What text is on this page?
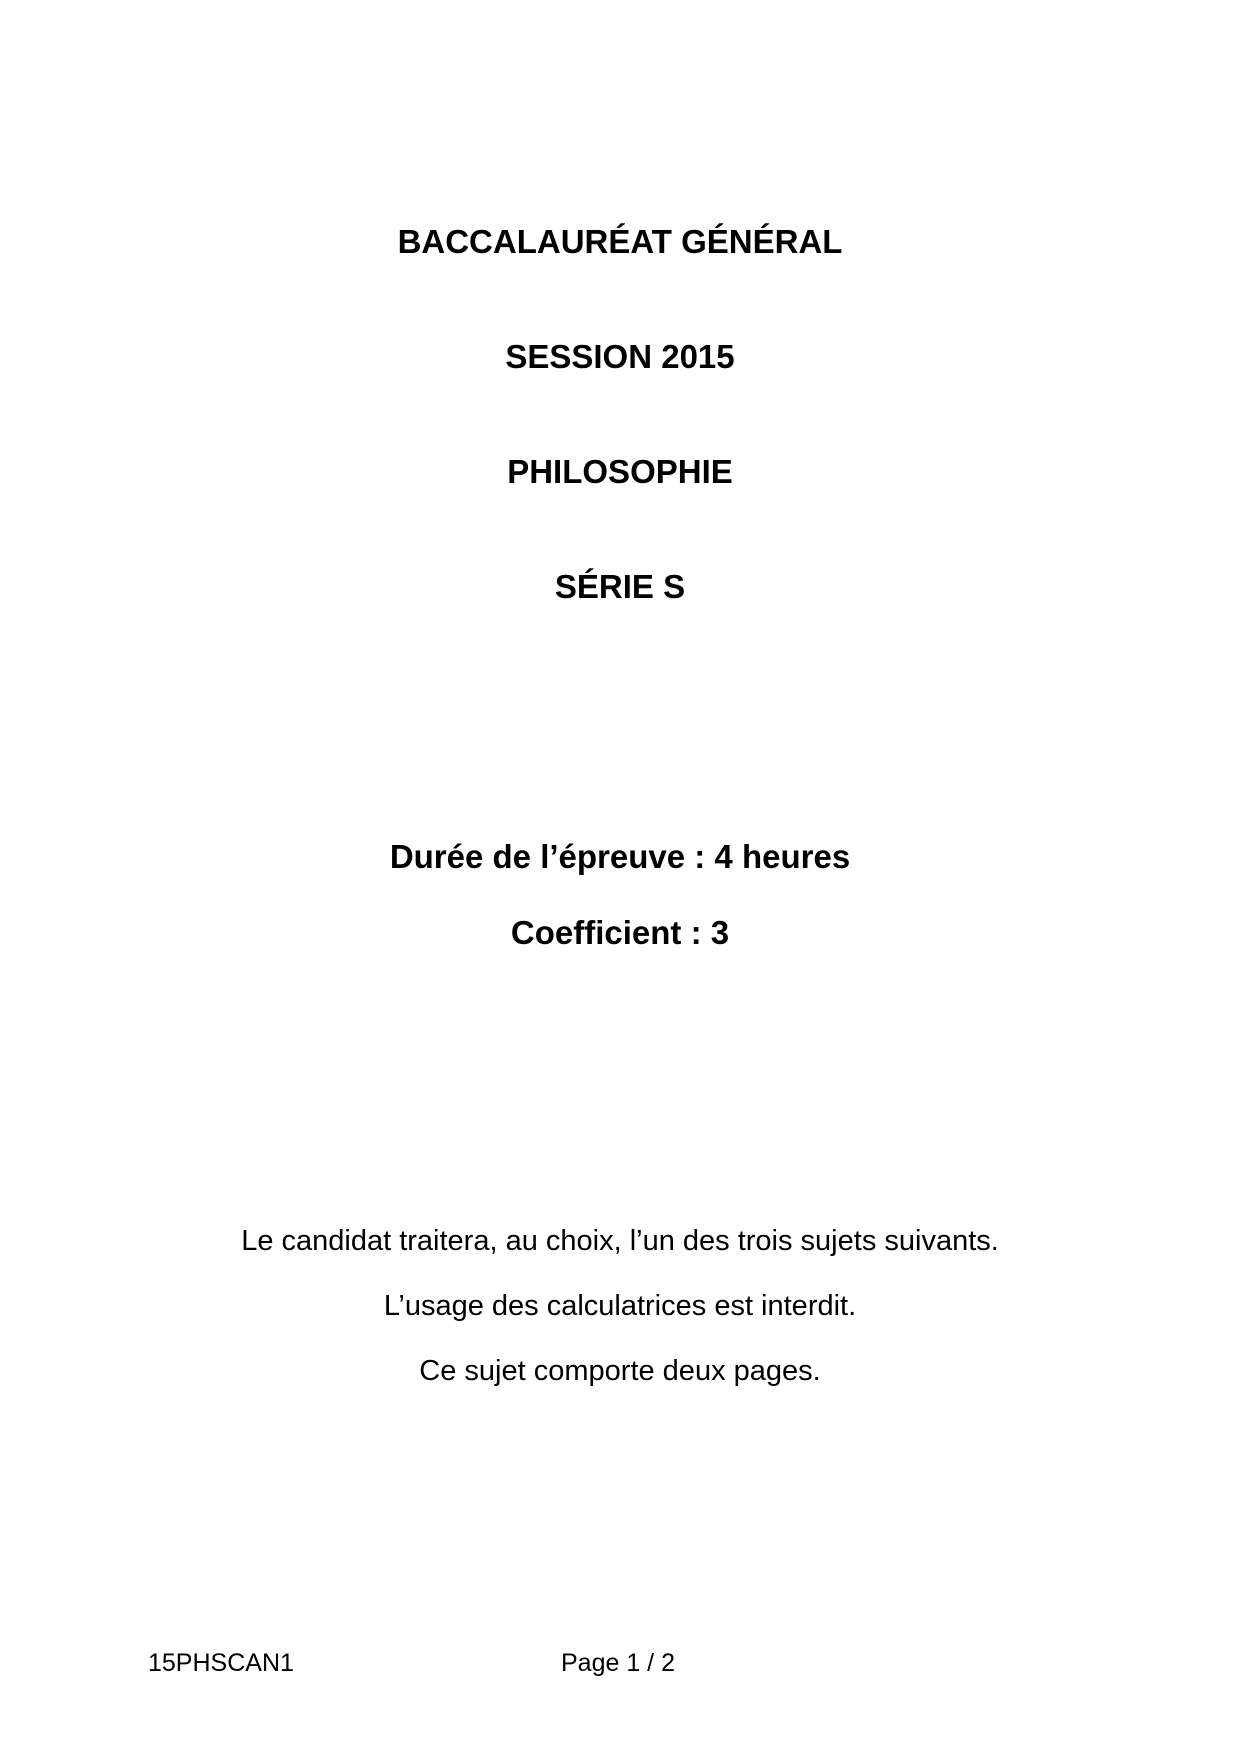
BACCALAURÉAT GÉNÉRAL
SESSION 2015
PHILOSOPHIE
SÉRIE S
Durée de l’épreuve : 4 heures
Coefficient : 3
Le candidat traitera, au choix, l’un des trois sujets suivants.
L’usage des calculatrices est interdit.
Ce sujet comporte deux pages.
15PHSCAN1	Page 1 / 2
